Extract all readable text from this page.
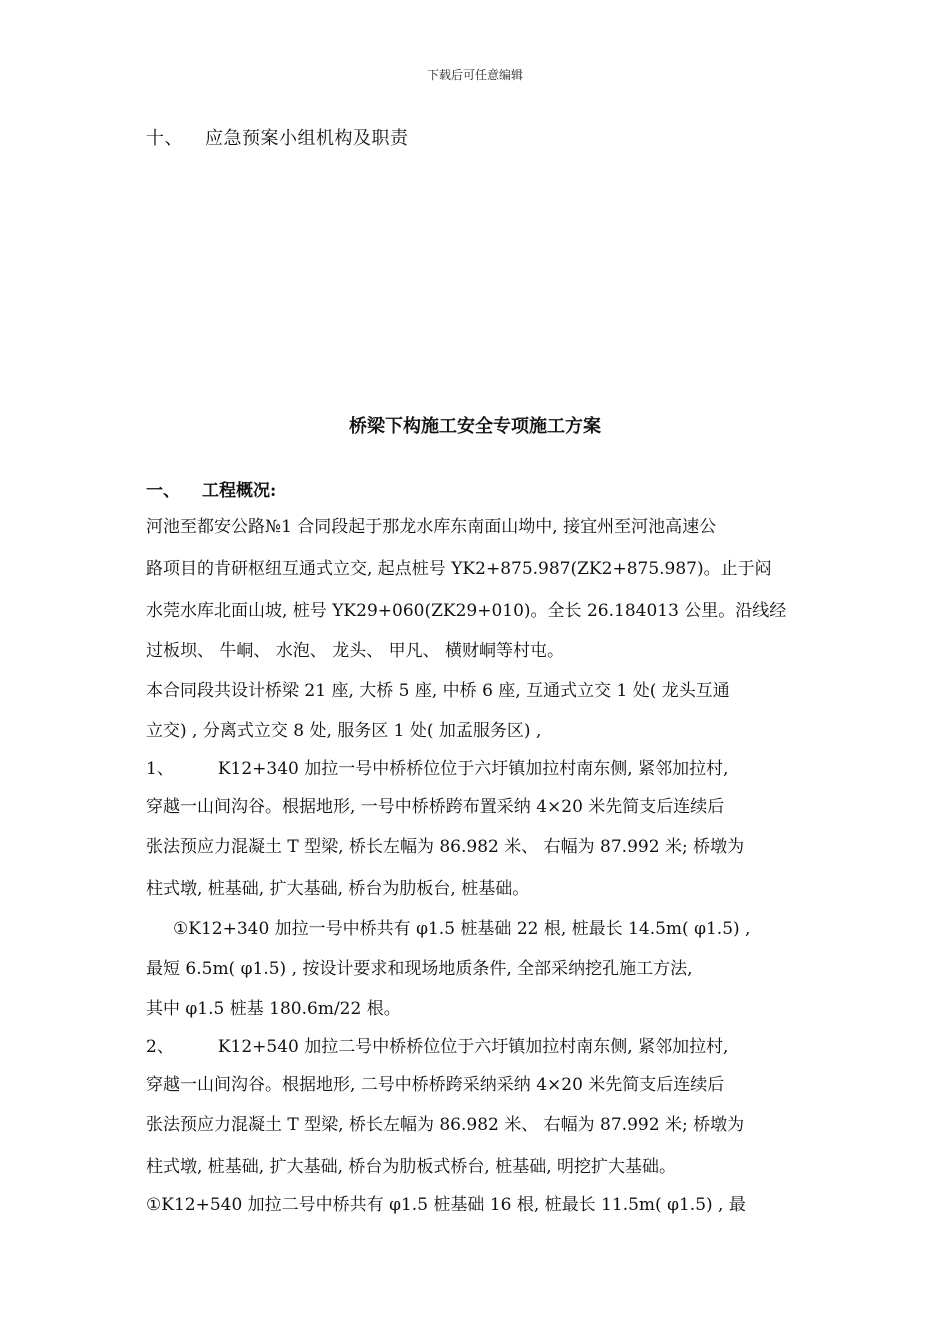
下载后可任意编辑
十、 应急预案小组机构及职责
桥梁下构施工安全专项施工方案
一、 工程概况:
河池至都安公路№1 合同段起于那龙水库东南面山坳中, 接宜州至河池高速公
路项目的肯研枢纽互通式立交, 起点桩号 YK2+875.987(ZK2+875.987)。止于闷
水莞水库北面山坡, 桩号 YK29+060(ZK29+010)。全长 26.184013 公里。沿线经
过板坝、 牛峒、 水泡、 龙头、 甲凡、 横财峒等村屯。
本合同段共设计桥梁 21 座, 大桥 5 座, 中桥 6 座, 互通式立交 1 处( 龙头互通
立交) , 分离式立交 8 处, 服务区 1 处( 加孟服务区) ,
1、	K12+340 加拉一号中桥桥位位于六圩镇加拉村南东侧, 紧邻加拉村,
穿越一山间沟谷。根据地形, 一号中桥桥跨布置采纳 4×20 米先简支后连续后
张法预应力混凝土 T 型梁, 桥长左幅为 86.982 米、 右幅为 87.992 米; 桥墩为
柱式墩, 桩基础, 扩大基础, 桥台为肋板台, 桩基础。
①K12+340 加拉一号中桥共有 φ1.5 桩基础 22 根, 桩最长 14.5m( φ1.5) ,
最短 6.5m( φ1.5) , 按设计要求和现场地质条件, 全部采纳挖孔施工方法,
其中 φ1.5 桩基 180.6m/22 根。
2、	K12+540 加拉二号中桥桥位位于六圩镇加拉村南东侧, 紧邻加拉村,
穿越一山间沟谷。根据地形, 二号中桥桥跨采纳采纳 4×20 米先简支后连续后
张法预应力混凝土 T 型梁, 桥长左幅为 86.982 米、 右幅为 87.992 米; 桥墩为
柱式墩, 桩基础, 扩大基础, 桥台为肋板式桥台, 桩基础, 明挖扩大基础。
①K12+540 加拉二号中桥共有 φ1.5 桩基础 16 根, 桩最长 11.5m( φ1.5) , 最
